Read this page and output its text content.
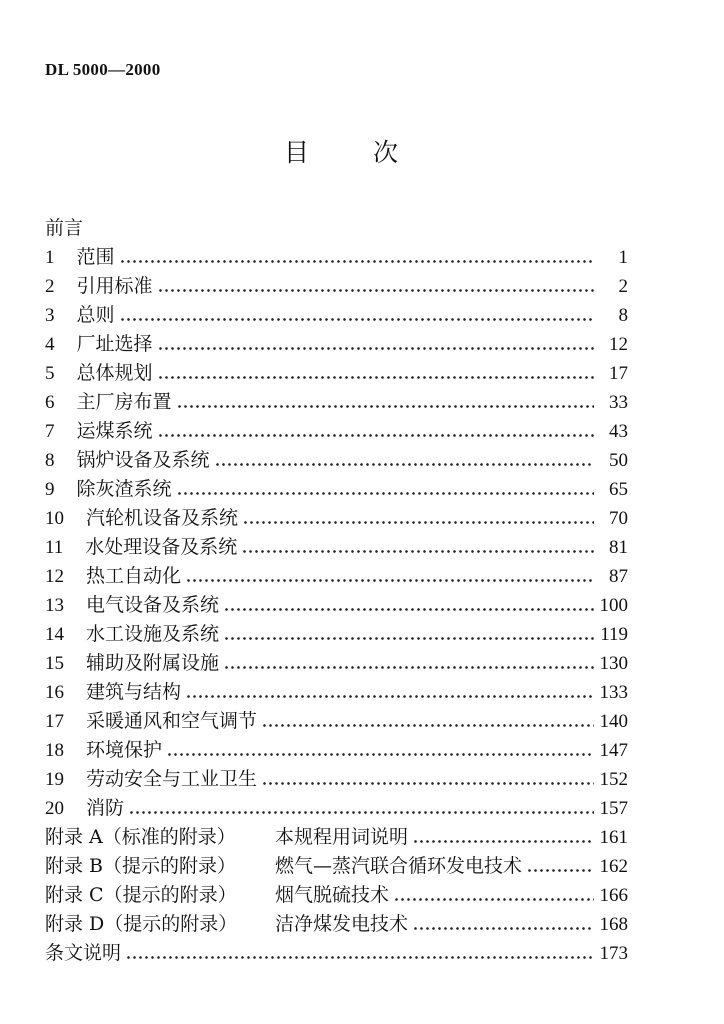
DL 5000—2000
目 次
前言
1 范围	1
2 引用标准	2
3 总则	8
4 厂址选择	12
5 总体规划	17
6 主厂房布置	33
7 运煤系统	43
8 锅炉设备及系统	50
9 除灰渣系统	65
10 汽轮机设备及系统	70
11 水处理设备及系统	81
12 热工自动化	87
13 电气设备及系统	100
14 水工设施及系统	119
15 辅助及附属设施	130
16 建筑与结构	133
17 采暖通风和空气调节	140
18 环境保护	147
19 劳动安全与工业卫生	152
20 消防	157
附录 A（标准的附录）	本规程用词说明	161
附录 B（提示的附录）	燃气—蒸汽联合循环发电技术	162
附录 C（提示的附录）	烟气脱硫技术	166
附录 D（提示的附录）	洁净煤发电技术	168
条文说明	173
